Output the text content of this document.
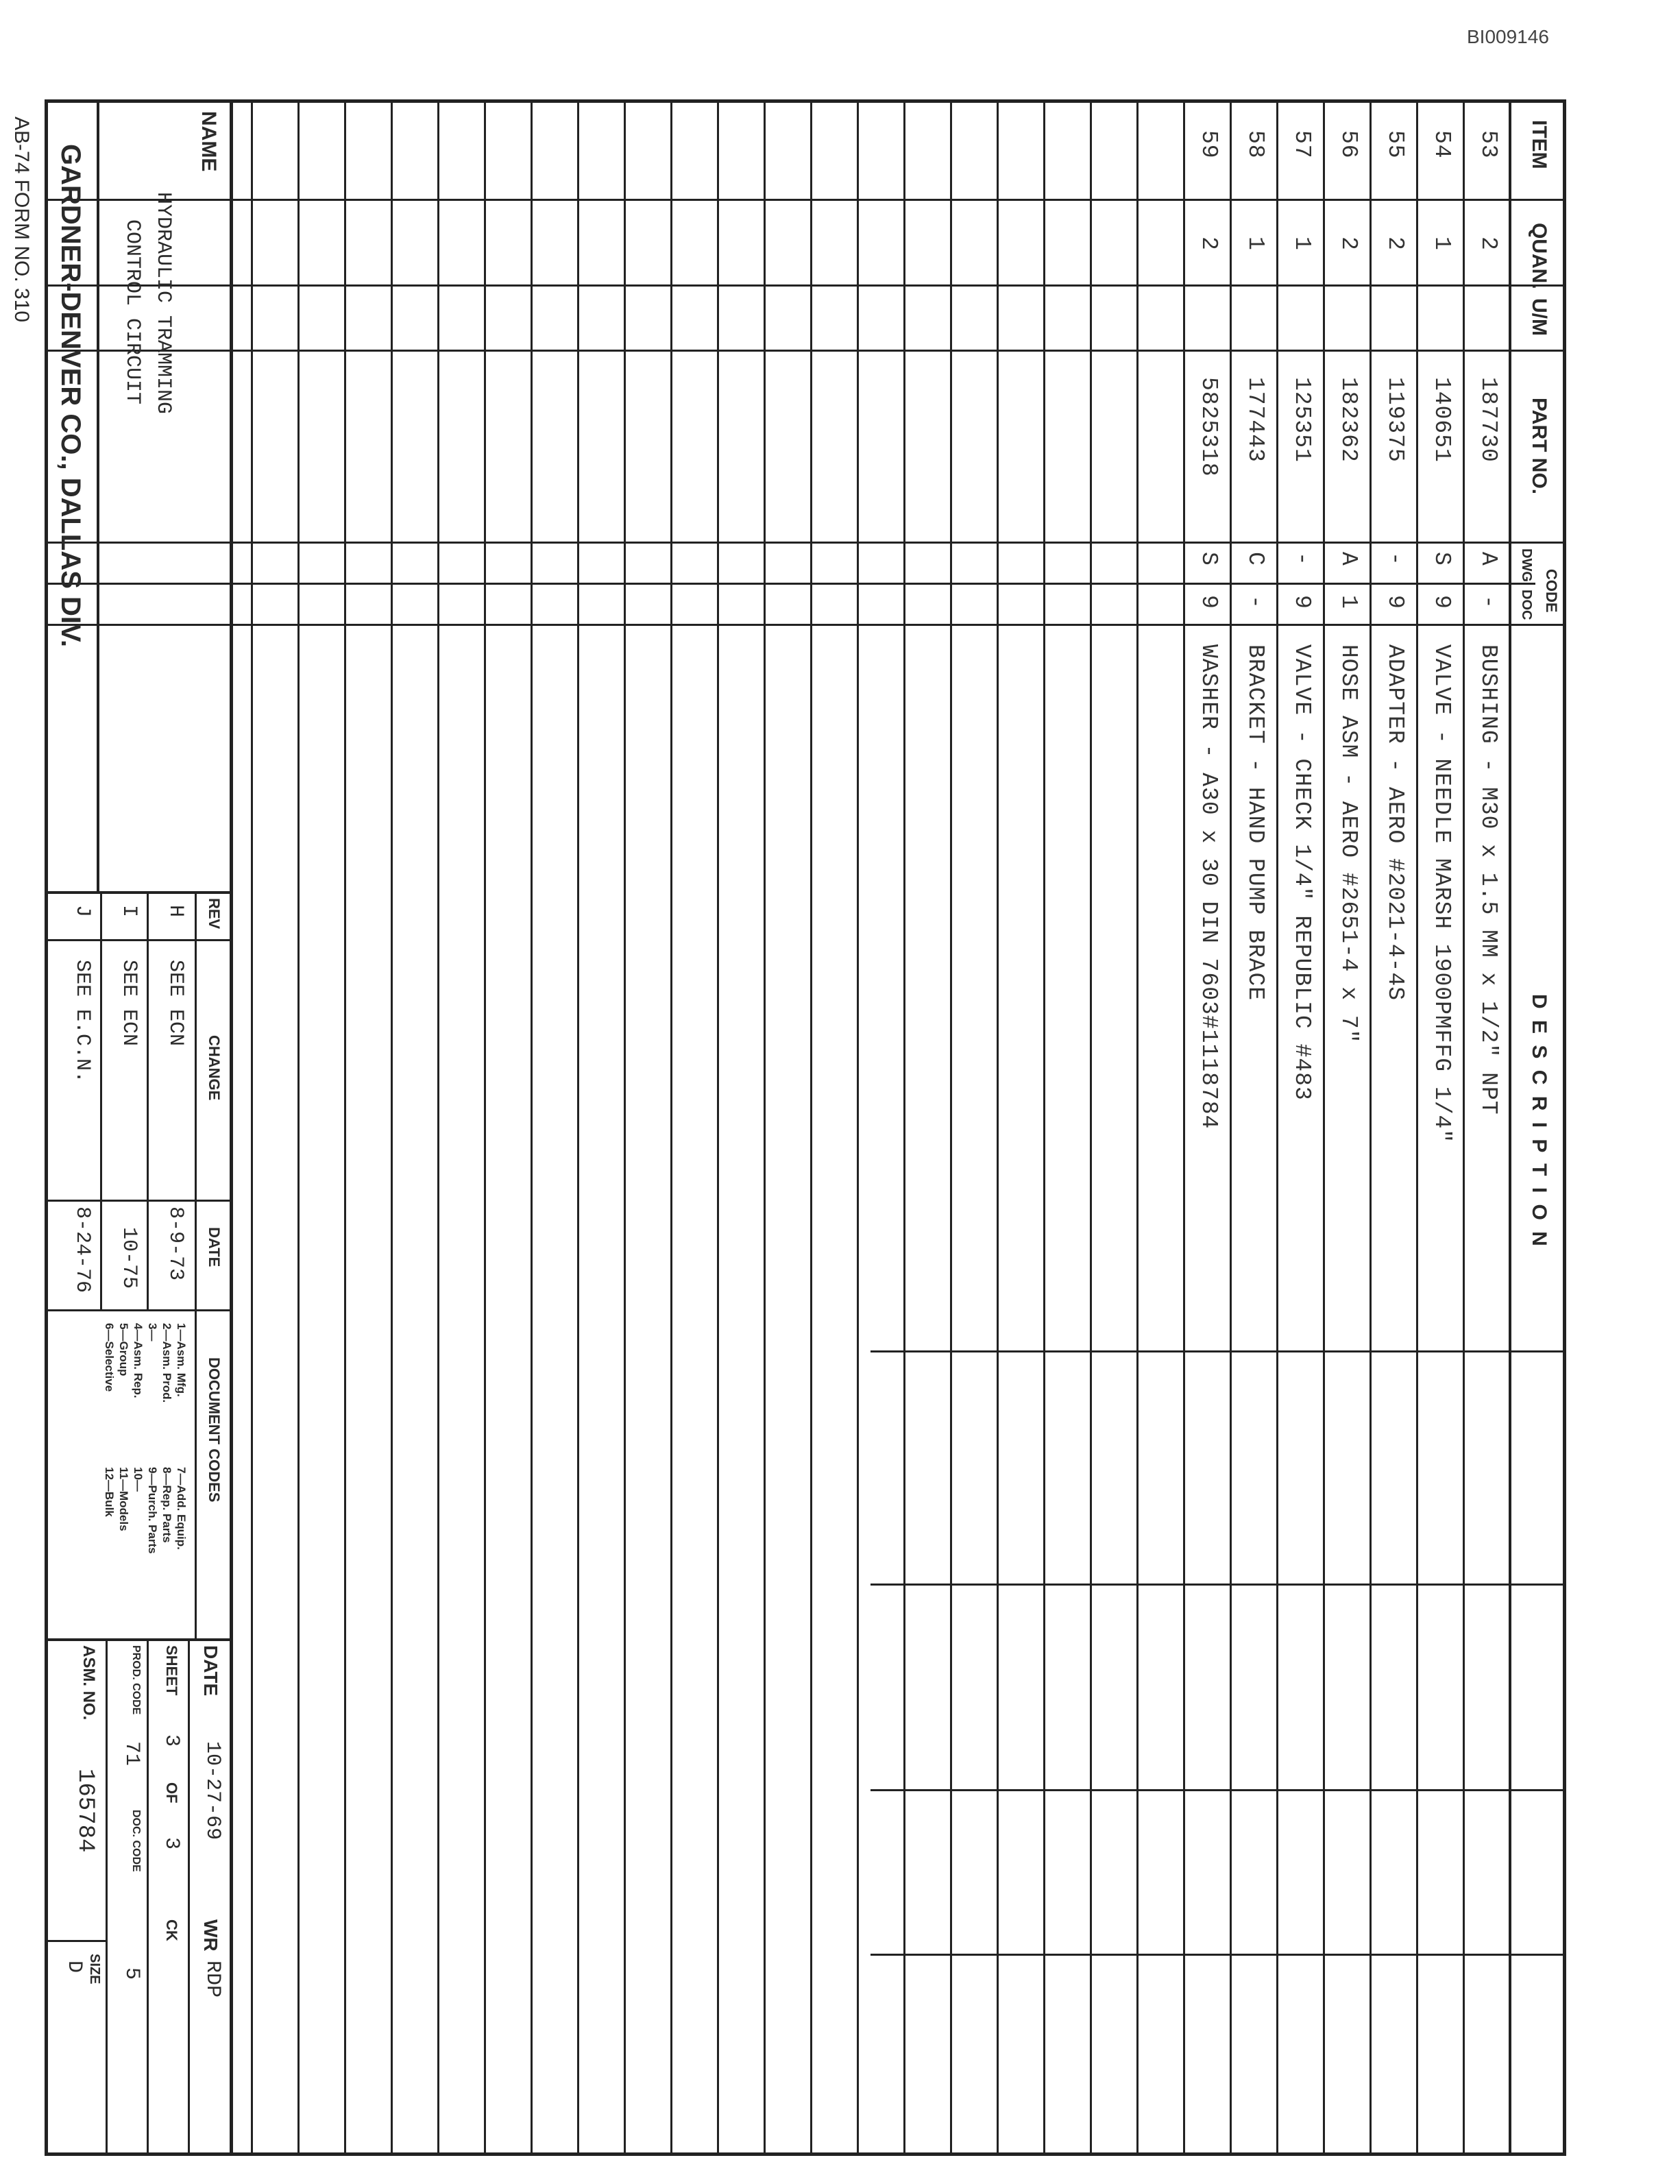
BI009146
ITEM
QUAN.
U/M
PART NO.
CODE
DWG
DOC
D E S C R I P T I O N
53
2
187730
A
-
BUSHING - M30 x 1.5 MM x 1/2" NPT
54
1
140651
S
9
VALVE - NEEDLE MARSH 1900PMFFG 1/4"
55
2
119375
-
9
ADAPTER - AERO #2021-4-4S
56
2
182362
A
1
HOSE ASM - AERO #2651-4 x 7"
57
1
125351
-
9
VALVE - CHECK 1/4" REPUBLIC #483
58
1
177443
C
-
BRACKET - HAND PUMP BRACE
59
2
5825318
S
9
WASHER - A30 x 30 DIN 7603#1118784
NAME
HYDRAULIC TRAMMING
CONTROL CIRCUIT
GARDNER-DENVER CO., DALLAS DIV.
REV
CHANGE
DATE
H
SEE ECN
8-9-73
I
SEE ECN
10-75
J
SEE E.C.N.
8-24-76
DOCUMENT CODES
1—Asm. Mfg.
2—Asm. Prod.
3—
4—Asm. Rep.
5—Group
6—Selective
7—Add. Equip.
8—Rep. Parts
9—Purch. Parts
10—
11—Models
12—Bulk
DATE
10-27-69
WR
RDP
SHEET
3
OF
3
CK
PROD. CODE
71
DOC. CODE
5
ASM. NO.
165784
SIZE
D
AB-74 FORM NO. 310
